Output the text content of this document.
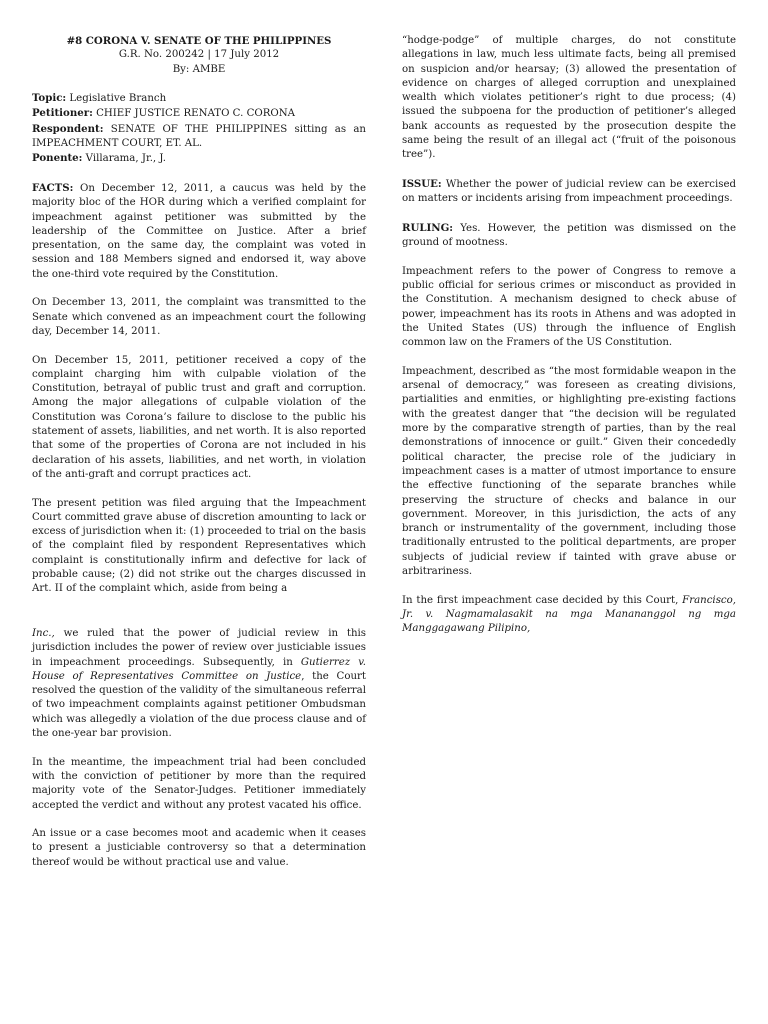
#8 CORONA V. SENATE OF THE PHILIPPINES

G.R. No. 200242 | 17 July 2012

By: AMBE

Topic: Legislative Branch

Petitioner: CHIEF JUSTICE RENATO C. CORONA

Respondent: SENATE OF THE PHILIPPINES sitting as an

IMPEACHMENT COURT, ET. AL.

Ponente: Villarama, Jr., J.

FACTS: On December 12, 2011, a caucus was held by the majority bloc of the HOR during which a verified complaint for impeachment against petitioner was submitted by the leadership of the Committee on Justice. After a brief presentation, on the same day, the complaint was voted in session and 188 Members signed and endorsed it, way above the one-third vote required by the Constitution.

On December 13, 2011, the complaint was transmitted to the Senate which convened as an impeachment court the following day, December 14, 2011.

On December 15, 2011, petitioner received a copy of the complaint charging him with culpable violation of the Constitution, betrayal of public trust and graft and corruption. Among the major allegations of culpable violation of the Constitution was Corona’s failure to disclose to the public his statement of assets, liabilities, and net worth. It is also reported that some of the properties of Corona are not included in his declaration of his assets, liabilities, and net worth, in violation of the anti-graft and corrupt practices act.

The present petition was filed arguing that the Impeachment Court committed grave abuse of discretion amounting to lack or excess of jurisdiction when it: (1) proceeded to trial on the basis of the complaint filed by respondent Representatives which complaint is constitutionally infirm and defective for lack of probable cause; (2) did not strike out the charges discussed in Art. II of the complaint which, aside from being a

“hodge-podge” of multiple charges, do not constitute allegations in law, much less ultimate facts, being all premised on suspicion and/or hearsay; (3) allowed the presentation of evidence on charges of alleged corruption and unexplained wealth which violates petitioner’s right to due process; (4) issued the subpoena for the production of petitioner’s alleged bank accounts as requested by the prosecution despite the same being the result of an illegal act (“fruit of the poisonous tree”).

ISSUE: Whether the power of judicial review can be exercised on matters or incidents arising from impeachment proceedings.

RULING: Yes. However, the petition was dismissed on the ground of mootness.

Impeachment refers to the power of Congress to remove a public official for serious crimes or misconduct as provided in the Constitution. A mechanism designed to check abuse of power, impeachment has its roots in Athens and was adopted in the United States (US) through the influence of English common law on the Framers of the US Constitution.

Impeachment, described as “the most formidable weapon in the arsenal of democracy,” was foreseen as creating divisions, partialities and enmities, or highlighting pre-existing factions with the greatest danger that “the decision will be regulated more by the comparative strength of parties, than by the real demonstrations of innocence or guilt.” Given their concededly political character, the precise role of the judiciary in impeachment cases is a matter of utmost importance to ensure the effective functioning of the separate branches while preserving the structure of checks and balance in our government. Moreover, in this jurisdiction, the acts of any branch or instrumentality of the government, including those traditionally entrusted to the political departments, are proper subjects of judicial review if tainted with grave abuse or arbitrariness.

In the first impeachment case decided by this Court, Francisco, Jr. v. Nagmamalasakit na mga Manananggol ng mga Manggagawang Pilipino,

Inc., we ruled that the power of judicial review in this jurisdiction includes the power of review over justiciable issues in impeachment proceedings. Subsequently, in Gutierrez v. House of Representatives Committee on Justice, the Court resolved the question of the validity of the simultaneous referral of two impeachment complaints against petitioner Ombudsman which was allegedly a violation of the due process clause and of the one-year bar provision.

In the meantime, the impeachment trial had been concluded with the conviction of petitioner by more than the required majority vote of the Senator-Judges. Petitioner immediately accepted the verdict and without any protest vacated his office.

An issue or a case becomes moot and academic when it ceases to present a justiciable controversy so that a determination thereof would be without practical use and value.
